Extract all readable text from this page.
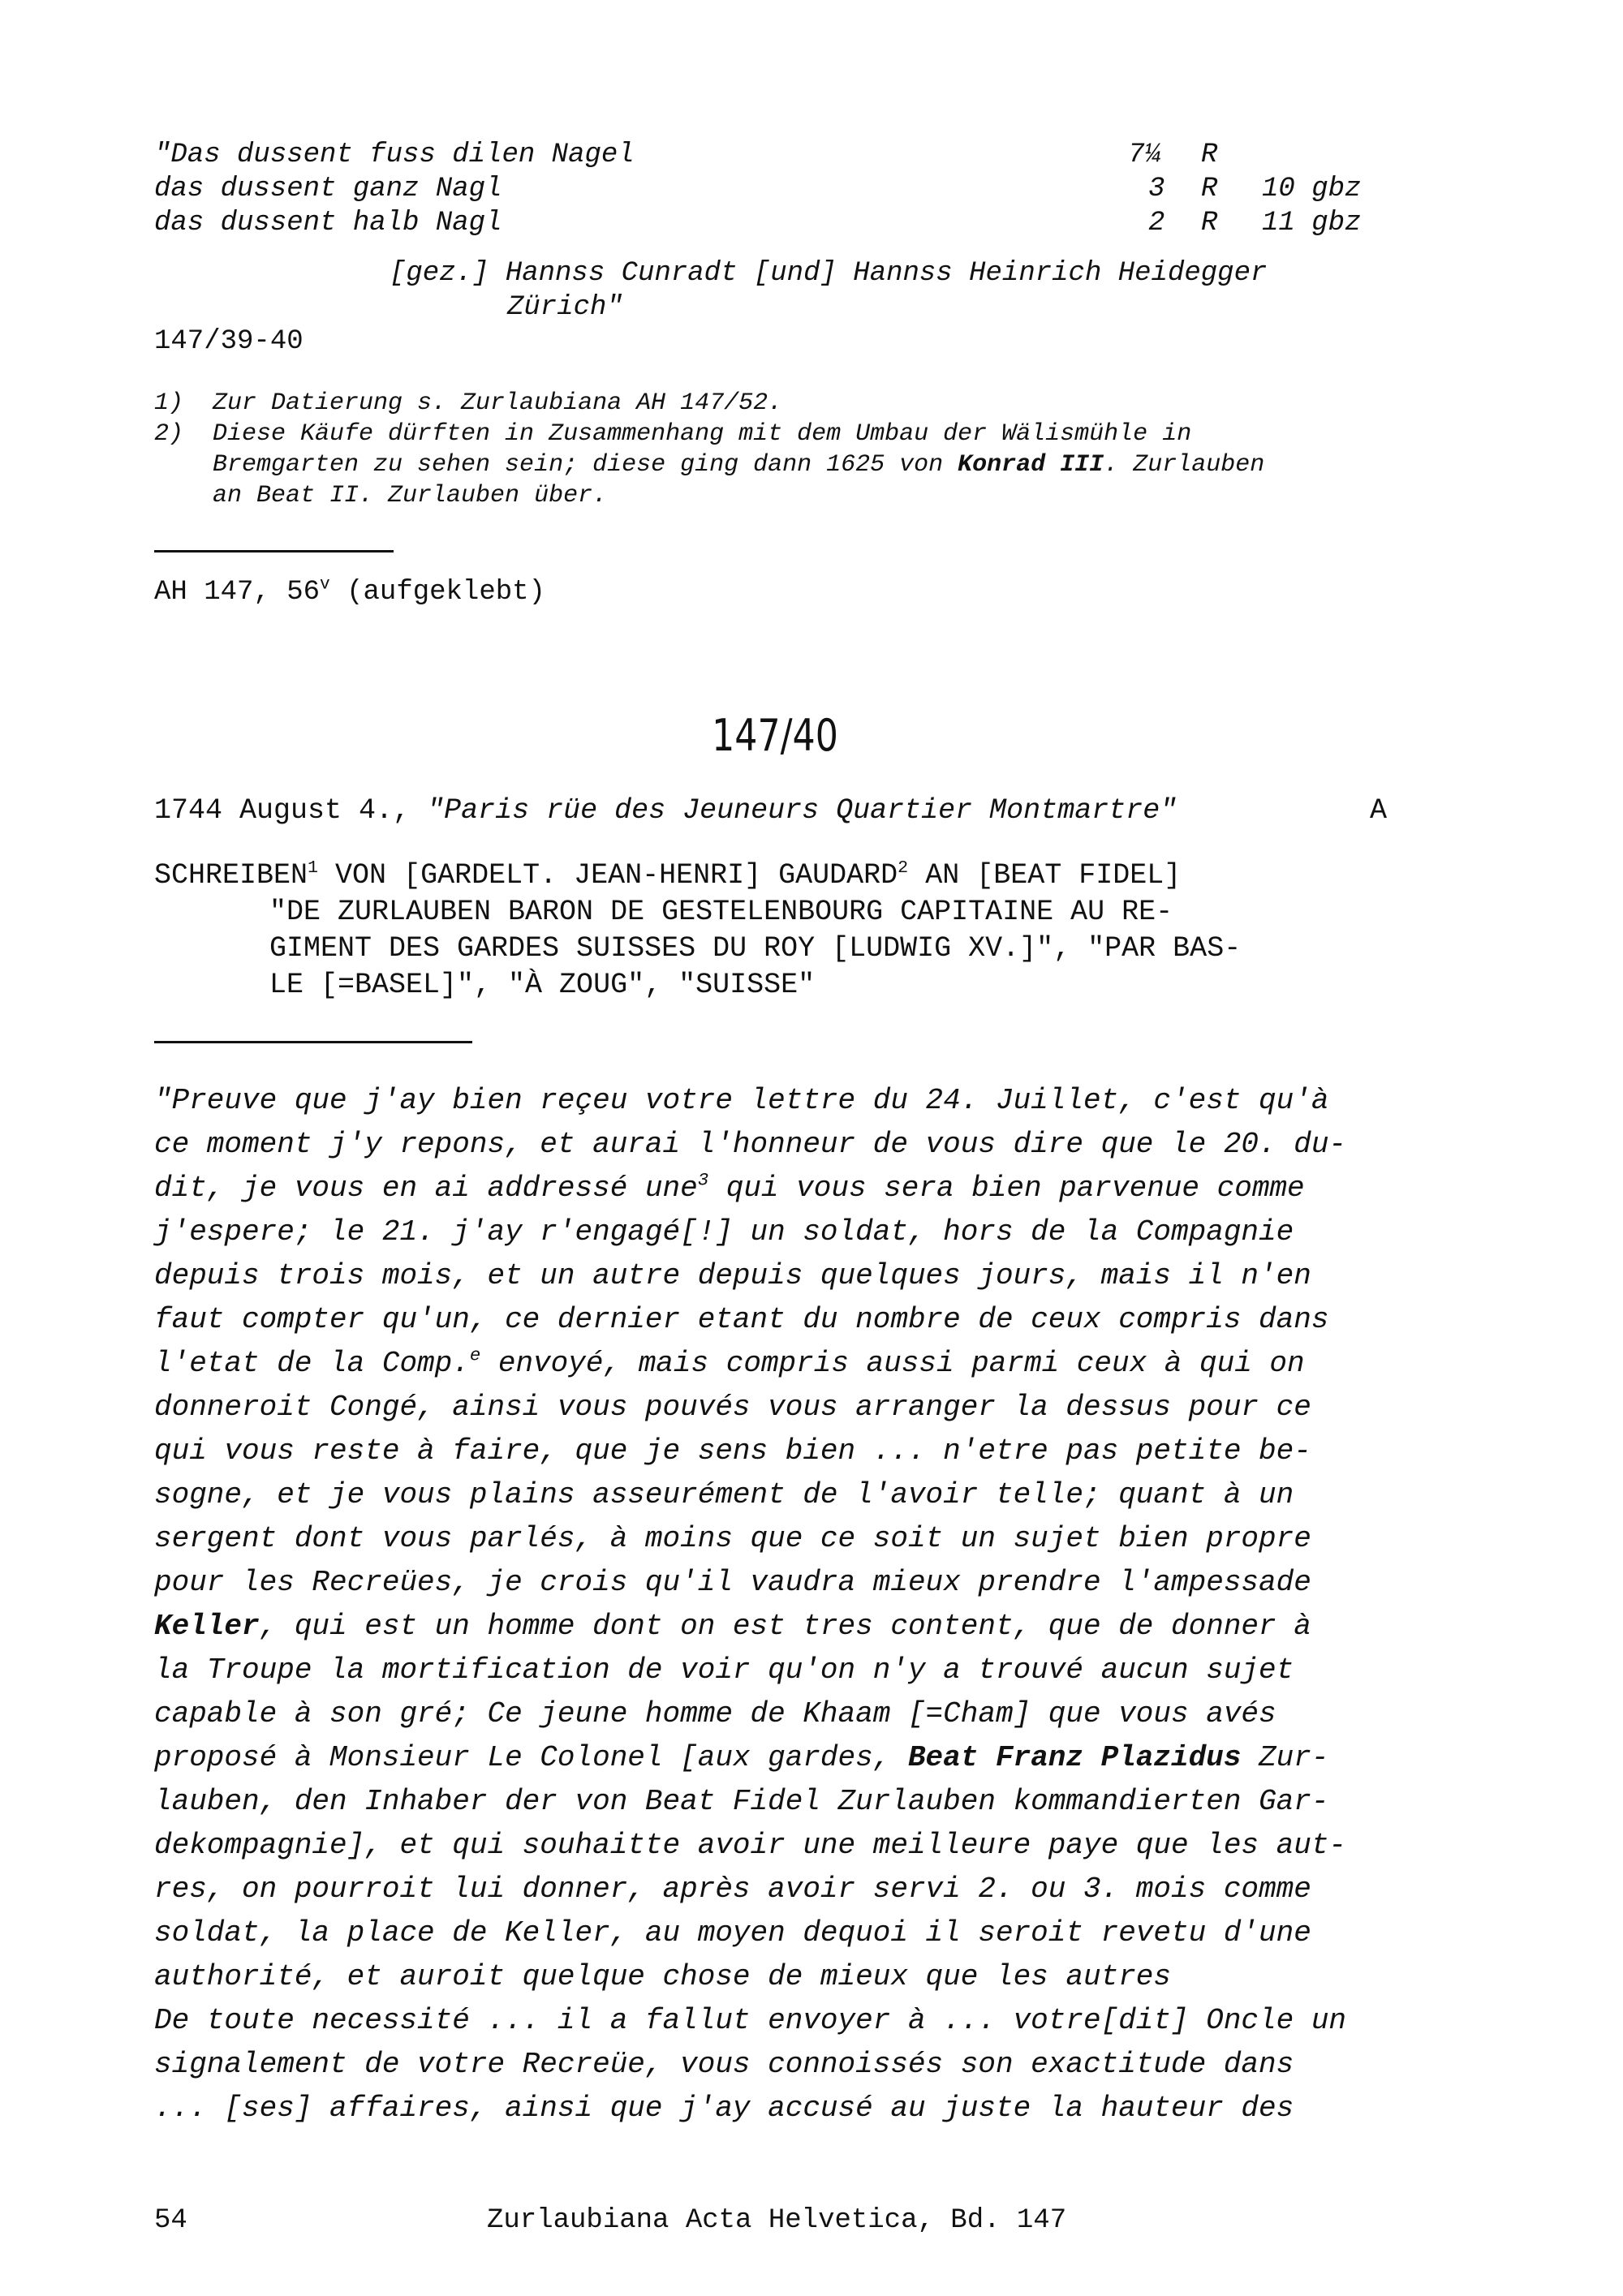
"Das dussent fuss dilen Nagel	7¼ R
das dussent ganz Nagl	3 R 10 gbz
das dussent halb Nagl	2 R 11 gbz
[gez.] Hannss Cunradt [und] Hannss Heinrich Heidegger
Zürich"
147/39-40
1) Zur Datierung s. Zurlaubiana AH 147/52.
2) Diese Käufe dürften in Zusammenhang mit dem Umbau der Wälismühle in
Bremgarten zu sehen sein; diese ging dann 1625 von Konrad III. Zurlauben
an Beat II. Zurlauben über.
AH 147, 56$^v$ (aufgeklebt)
147/40
1744 August 4., "Paris rüe des Jeuneurs Quartier Montmartre"	A
SCHREIBEN$^1$ VON [GARDELT. JEAN-HENRI] GAUDARD$^2$ AN [BEAT FIDEL]
"DE ZURLAUBEN BARON DE GESTELENBOURG CAPITAINE AU RE-
GIMENT DES GARDES SUISSES DU ROY [LUDWIG XV.]", "PAR BAS-
LE [=BASEL]", "À ZOUG", "SUISSE"
"Preuve que j'ay bien reçeu votre lettre du 24. Juillet, c'est qu'à
ce moment j'y repons, et aurai l'honneur de vous dire que le 20. du-
dit, je vous en ai addressé une$^3$ qui vous sera bien parvenue comme
j'espere; le 21. j'ay r'engagé[!] un soldat, hors de la Compagnie
depuis trois mois, et un autre depuis quelques jours, mais il n'en
faut compter qu'un, ce dernier etant du nombre de ceux compris dans
l'etat de la Comp.$^e$ envoyé, mais compris aussi parmi ceux à qui on
donneroit Congé, ainsi vous pouvés vous arranger la dessus pour ce
qui vous reste à faire, que je sens bien ... n'etre pas petite be-
sogne, et je vous plains asseurément de l'avoir telle; quant à un
sergent dont vous parlés, à moins que ce soit un sujet bien propre
pour les Recreües, je crois qu'il vaudra mieux prendre l'ampessade
Keller, qui est un homme dont on est tres content, que de donner à
la Troupe la mortification de voir qu'on n'y a trouvé aucun sujet
capable à son gré; Ce jeune homme de Khaam [=Cham] que vous avés
proposé à Monsieur Le Colonel [aux gardes, Beat Franz Plazidus Zur-
lauben, den Inhaber der von Beat Fidel Zurlauben kommandierten Gar-
dekompagnie], et qui souhaitte avoir une meilleure paye que les aut-
res, on pourroit lui donner, après avoir servi 2. ou 3. mois comme
soldat, la place de Keller, au moyen dequoi il seroit revetu d'une
authorité, et auroit quelque chose de mieux que les autres
De toute necessité ... il a fallut envoyer à ... votre[dit] Oncle un
signalement de votre Recreüe, vous connoissés son exactitude dans
... [ses] affaires, ainsi que j'ay accusé au juste la hauteur des
54	Zurlaubiana Acta Helvetica, Bd. 147
